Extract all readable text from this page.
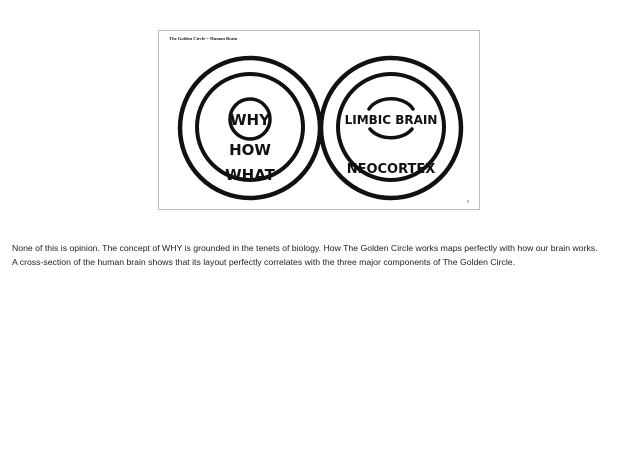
The Golden Circle = Human Brain
WHY
HOW
WHAT
LIMBIC BRAIN
NEOCORTEX
9

None of this is opinion. The concept of WHY is grounded in the tenets of biology. How The Golden Circle works maps perfectly with how our brain works.

A cross-section of the human brain shows that its layout perfectly correlates with the three major components of The Golden Circle.
